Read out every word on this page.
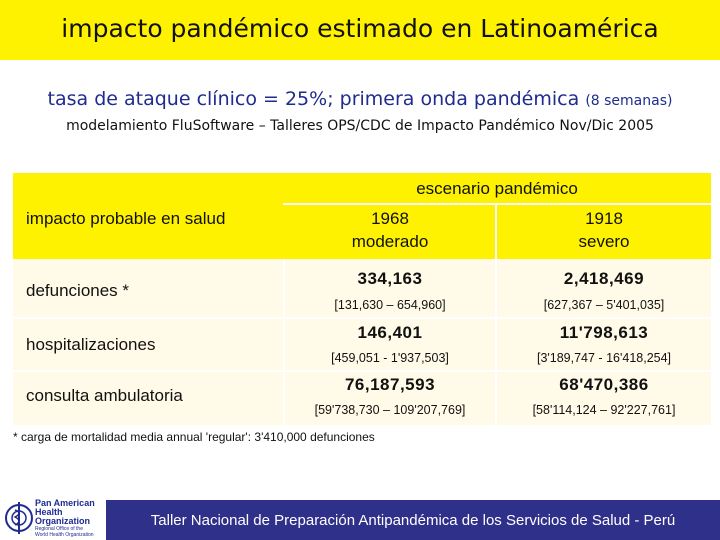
impacto pandémico estimado en Latinoamérica
tasa de ataque clínico = 25%; primera onda pandémica (8 semanas)
modelamiento FluSoftware – Talleres OPS/CDC de Impacto Pandémico Nov/Dic 2005
escenario pandémico
impacto probable en salud	1968
moderado
1918
severo
defunciones *
334,163
[131,630 – 654,960]
2,418,469
[627,367 – 5'401,035]
hospitalizaciones
146,401
[459,051 - 1'937,503]
11'798,613
[3'189,747 - 16'418,254]
consulta ambulatoria
76,187,593
[59'738,730 – 109'207,769]
68'470,386
[58'114,124 – 92'227,761]
* carga de mortalidad media annual 'regular': 3'410,000 defunciones
Pan American
Health
Organization
Regional Office of the
World Health Organization
Taller Nacional de Preparación Antipandémica de los Servicios de Salud - Perú
